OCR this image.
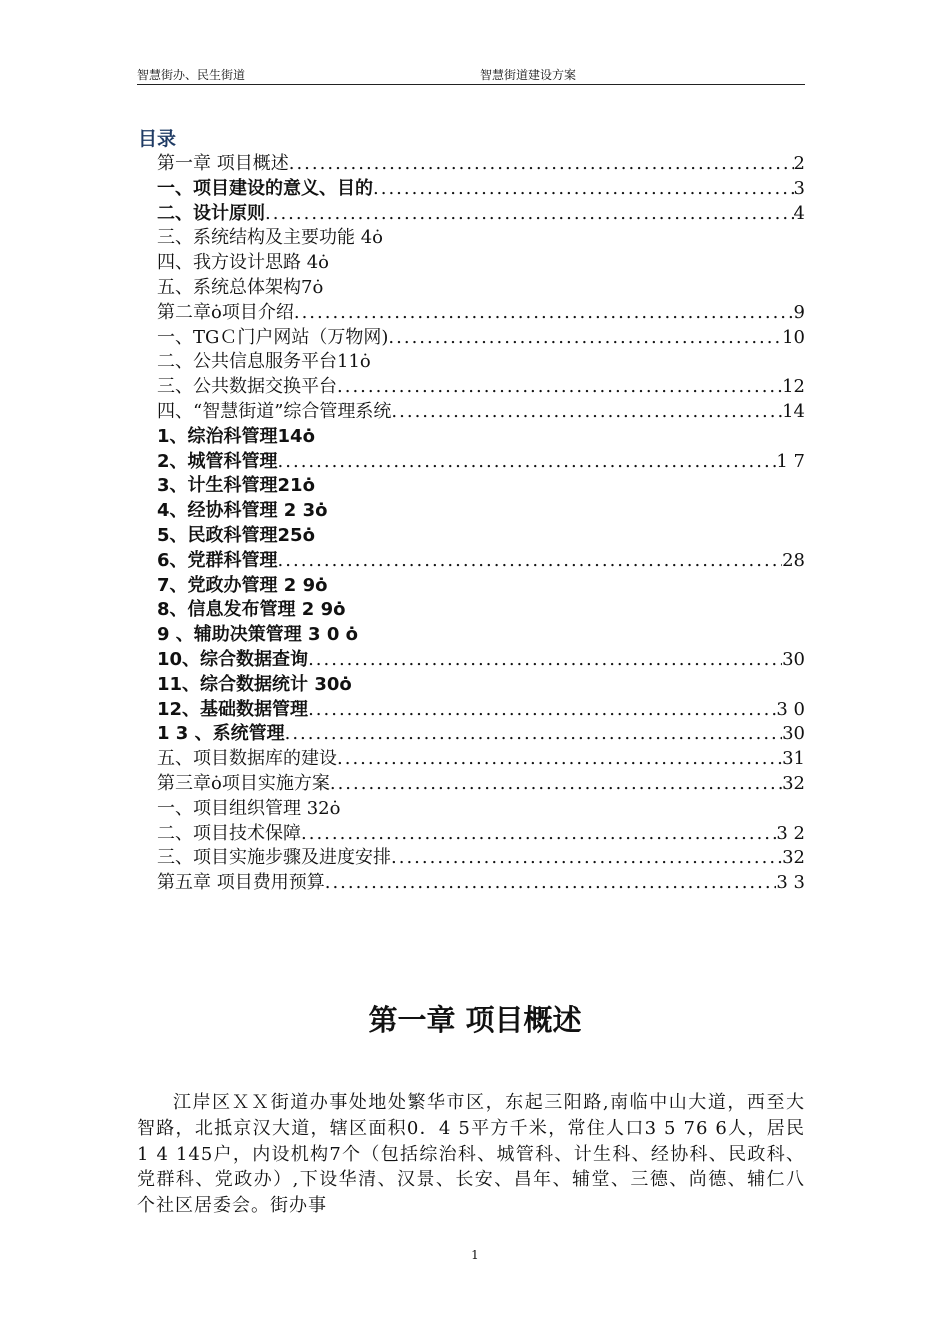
智慧街办、民生街道	智慧街道建设方案
目录
第一章 项目概述 .....	2
一、项目建设的意义、目的 .....	3
二、设计原则 .....	4
三、系统结构及主要功能 4ȯ
四、我方设计思路 4ȯ
五、系统总体架构7ȯ
第二章ȯ项目介绍 .....	9
一、TGＣ门户网站（万物网) .....	10
二、公共信息服务平台11ȯ
三、公共数据交换平台 .....	12
四、“智慧街道”综合管理系统 .....	14
1、综治科管理14ȯ
2、城管科管理 .....	1 7
3、计生科管理21ȯ
4、经协科管理 2 3ȯ
5、民政科管理25ȯ
6、党群科管理 .....	28
7、党政办管理 2 9ȯ
8、信息发布管理 2 9ȯ
9 、辅助决策管理 3 0 ȯ
10、综合数据查询 .....	30
11、综合数据统计 30ȯ
12、基础数据管理 .....	3 0
1 3 、系统管理 .....	30
五、项目数据库的建设 .....	31
第三章ȯ项目实施方案 .....	32
一、项目组织管理 32ȯ
二、项目技术保障 .....	3 2
三、项目实施步骤及进度安排 .....	32
第五章 项目费用预算 .....	3 3
第一章 项目概述

江岸区ＸＸ街道办事处地处繁华市区，东起三阳路,南临中山大道，西至大智路，北抵京汉大道，辖区面积0．4 5平方千米，常住人口3 5 76 6人，居民1 4 145户，内设机构7个（包括综治科、城管科、计生科、经协科、民政科、党群科、党政办）,下设华清、汉景、长安、昌年、辅堂、三德、尚德、辅仁八个社区居委会。街办事

1
